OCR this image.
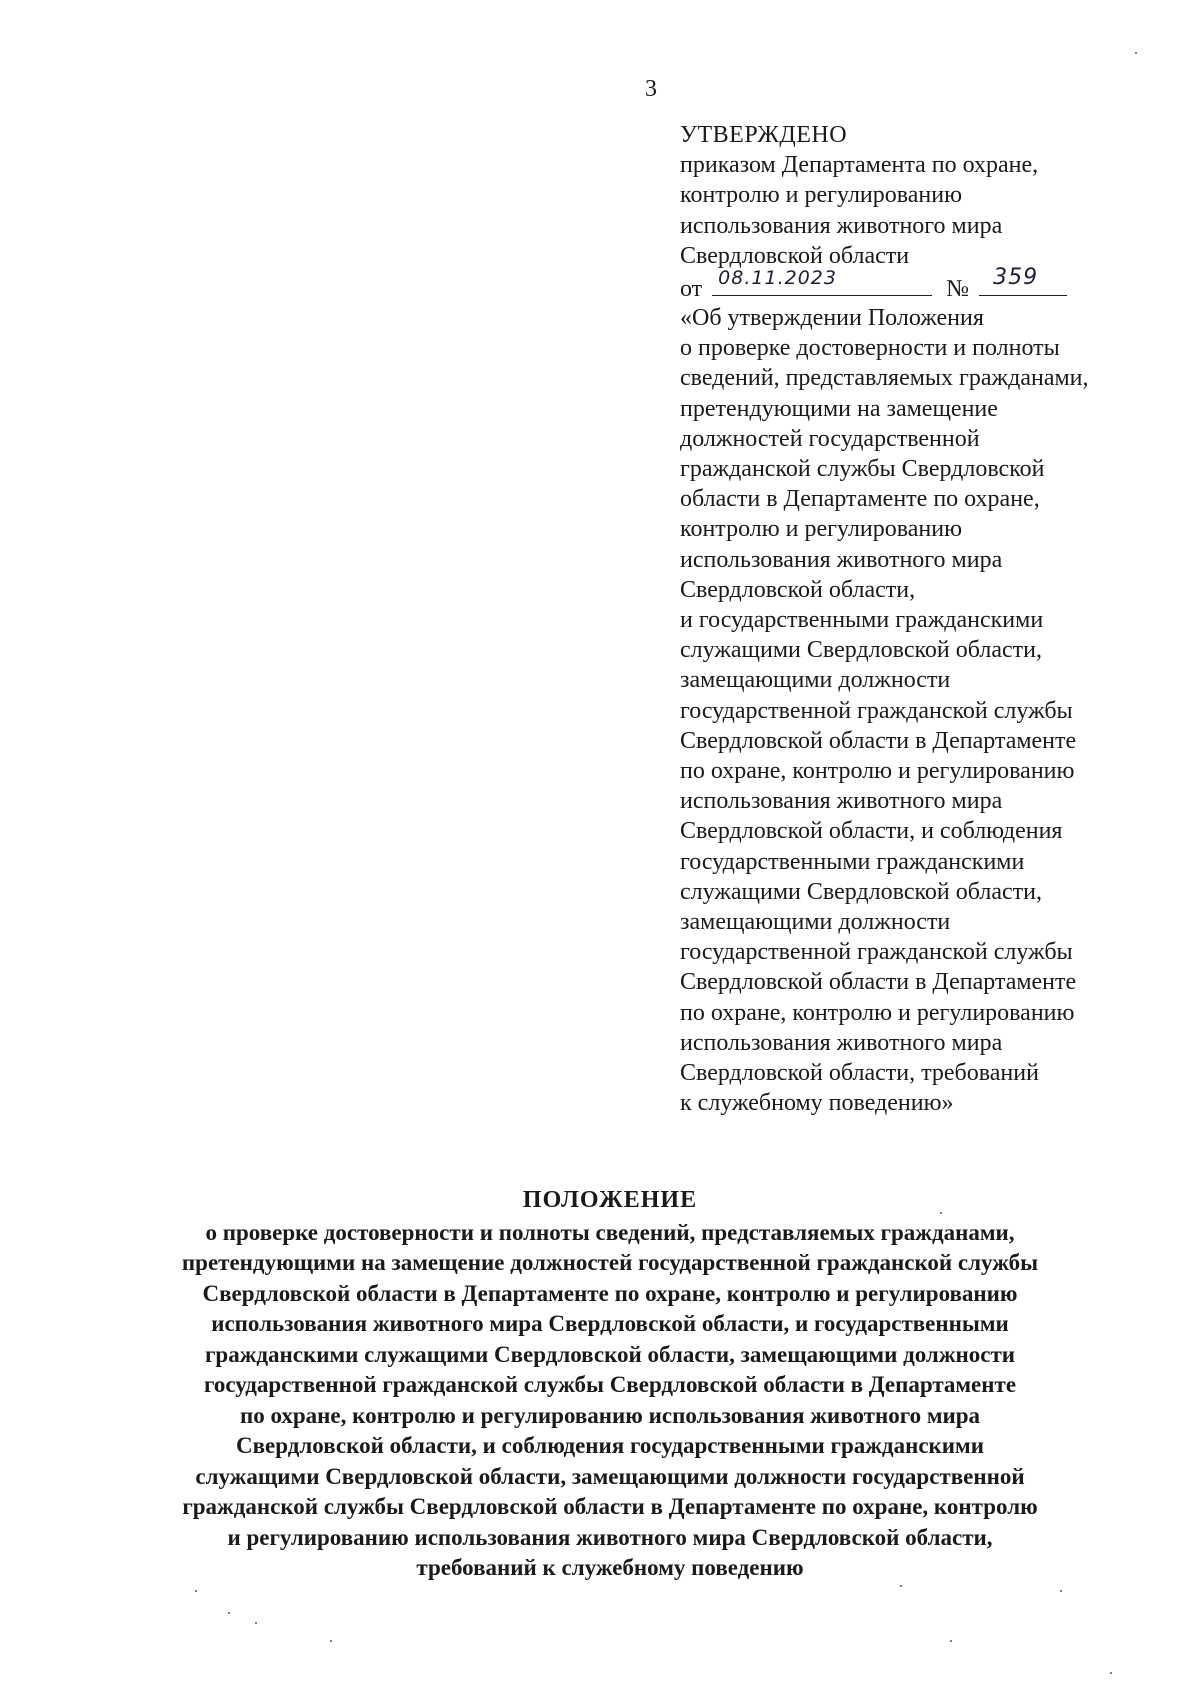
3
УТВЕРЖДЕНО
приказом Департамента по охране,
контролю и регулированию
использования животного мира
Свердловской области
от 08.11.2023	№ 359
«Об утверждении Положения
о проверке достоверности и полноты
сведений, представляемых гражданами,
претендующими на замещение
должностей государственной
гражданской службы Свердловской
области в Департаменте по охране,
контролю и регулированию
использования животного мира
Свердловской области,
и государственными гражданскими
служащими Свердловской области,
замещающими должности
государственной гражданской службы
Свердловской области в Департаменте
по охране, контролю и регулированию
использования животного мира
Свердловской области, и соблюдения
государственными гражданскими
служащими Свердловской области,
замещающими должности
государственной гражданской службы
Свердловской области в Департаменте
по охране, контролю и регулированию
использования животного мира
Свердловской области, требований
к служебному поведению»
ПОЛОЖЕНИЕ
о проверке достоверности и полноты сведений, представляемых гражданами,
претендующими на замещение должностей государственной гражданской службы
Свердловской области в Департаменте по охране, контролю и регулированию
использования животного мира Свердловской области, и государственными
гражданскими служащими Свердловской области, замещающими должности
государственной гражданской службы Свердловской области в Департаменте
по охране, контролю и регулированию использования животного мира
Свердловской области, и соблюдения государственными гражданскими
служащими Свердловской области, замещающими должности государственной
гражданской службы Свердловской области в Департаменте по охране, контролю
и регулированию использования животного мира Свердловской области,
требований к служебному поведению
